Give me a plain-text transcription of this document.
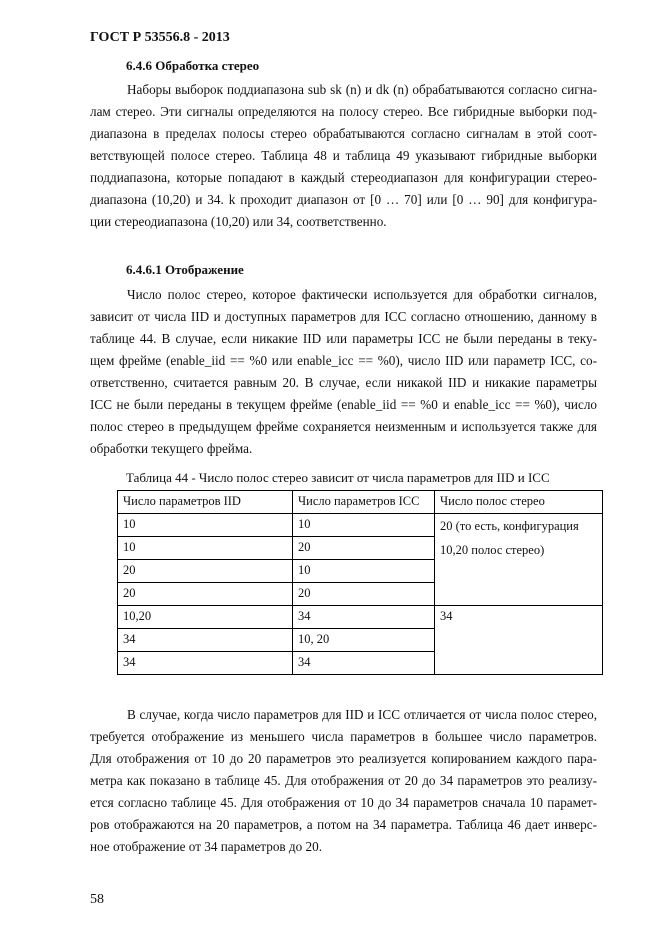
ГОСТ Р 53556.8 - 2013
6.4.6 Обработка стерео

Наборы выборок поддиапазона sub sk (n) и dk (n) обрабатываются согласно сигна-
лам стерео. Эти сигналы определяются на полосу стерео. Все гибридные выборки под-
диапазона в пределах полосы стерео обрабатываются согласно сигналам в этой соот-
ветствующей полосе стерео. Таблица 48 и таблица 49 указывают гибридные выборки
поддиапазона, которые попадают в каждый стереодиапазон для конфигурации стерео-
диапазона (10,20) и 34. k проходит диапазон от [0 … 70] или [0 … 90] для конфигура-
ции стереодиапазона (10,20) или 34, соответственно.

6.4.6.1 Отображение

Число полос стерео, которое фактически используется для обработки сигналов,
зависит от числа IID и доступных параметров для ICC согласно отношению, данному в
таблице 44. В случае, если никакие IID или параметры ICC не были переданы в теку-
щем фрейме (enable_iid == %0 или enable_icc == %0), число IID или параметр ICC, со-
ответственно, считается равным 20. В случае, если никакой IID и никакие параметры
ICC не были переданы в текущем фрейме (enable_iid == %0 и enable_icc == %0), число
полос стерео в предыдущем фрейме сохраняется неизменным и используется также для
обработки текущего фрейма.

Таблица 44 - Число полос стерео зависит от числа параметров для IID и ICC
Число параметров IID	Число параметров ICC	Число полос стерео
10	10	20 (то есть, конфигурация
10,20 полос стерео)
10	20	
20	10	
20	20	
10,20	34	34
34	10, 20	
34	34	

В случае, когда число параметров для IID и ICC отличается от числа полос стерео,
требуется отображение из меньшего числа параметров в большее число параметров.
Для отображения от 10 до 20 параметров это реализуется копированием каждого пара-
метра как показано в таблице 45. Для отображения от 20 до 34 параметров это реализу-
ется согласно таблице 45. Для отображения от 10 до 34 параметров сначала 10 парамет-
ров отображаются на 20 параметров, а потом на 34 параметра. Таблица 46 дает инверс-
ное отображение от 34 параметров до 20.

58
